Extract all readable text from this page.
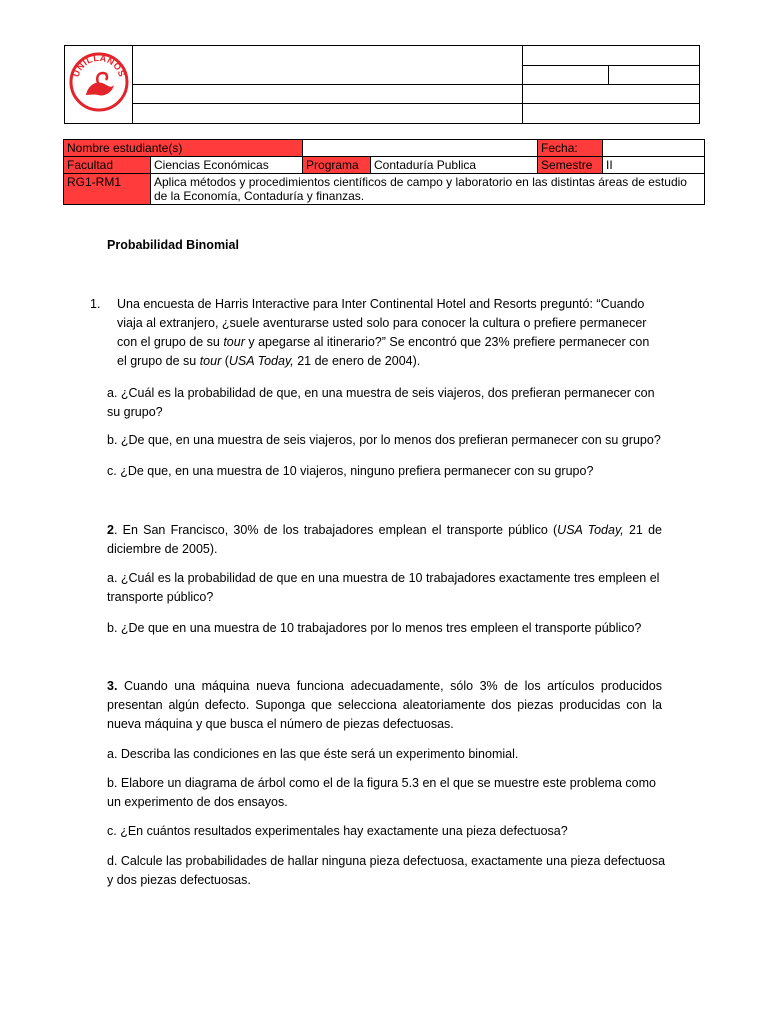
UNILLANOS			

Nombre estudiante(s)				Fecha:	
Facultad	Ciencias Económicas	Programa	Contaduría Publica	Semestre	II
RG1-RM1	Aplica métodos y procedimientos científicos de campo y laboratorio en las distintas áreas de estudio de la Economía, Contaduría y finanzas.				
Probabilidad Binomial
1.	Una encuesta de Harris Interactive para Inter Continental Hotel and Resorts preguntó: “Cuando viaja al extranjero, ¿suele aventurarse usted solo para conocer la cultura o prefiere permanecer con el grupo de su tour y apegarse al itinerario?” Se encontró que 23% prefiere permanecer con el grupo de su tour (USA Today, 21 de enero de 2004).
a. ¿Cuál es la probabilidad de que, en una muestra de seis viajeros, dos prefieran permanecer con su grupo?
b. ¿De que, en una muestra de seis viajeros, por lo menos dos prefieran permanecer con su grupo?
c. ¿De que, en una muestra de 10 viajeros, ninguno prefiera permanecer con su grupo?
2. En San Francisco, 30% de los trabajadores emplean el transporte público (USA Today, 21 de diciembre de 2005).
a. ¿Cuál es la probabilidad de que en una muestra de 10 trabajadores exactamente tres empleen el transporte público?
b. ¿De que en una muestra de 10 trabajadores por lo menos tres empleen el transporte público?
3. Cuando una máquina nueva funciona adecuadamente, sólo 3% de los artículos producidos presentan algún defecto. Suponga que selecciona aleatoriamente dos piezas producidas con la nueva máquina y que busca el número de piezas defectuosas.
a. Describa las condiciones en las que éste será un experimento binomial.
b. Elabore un diagrama de árbol como el de la figura 5.3 en el que se muestre este problema como un experimento de dos ensayos.
c. ¿En cuántos resultados experimentales hay exactamente una pieza defectuosa?
d. Calcule las probabilidades de hallar ninguna pieza defectuosa, exactamente una pieza defectuosa y dos piezas defectuosas.
